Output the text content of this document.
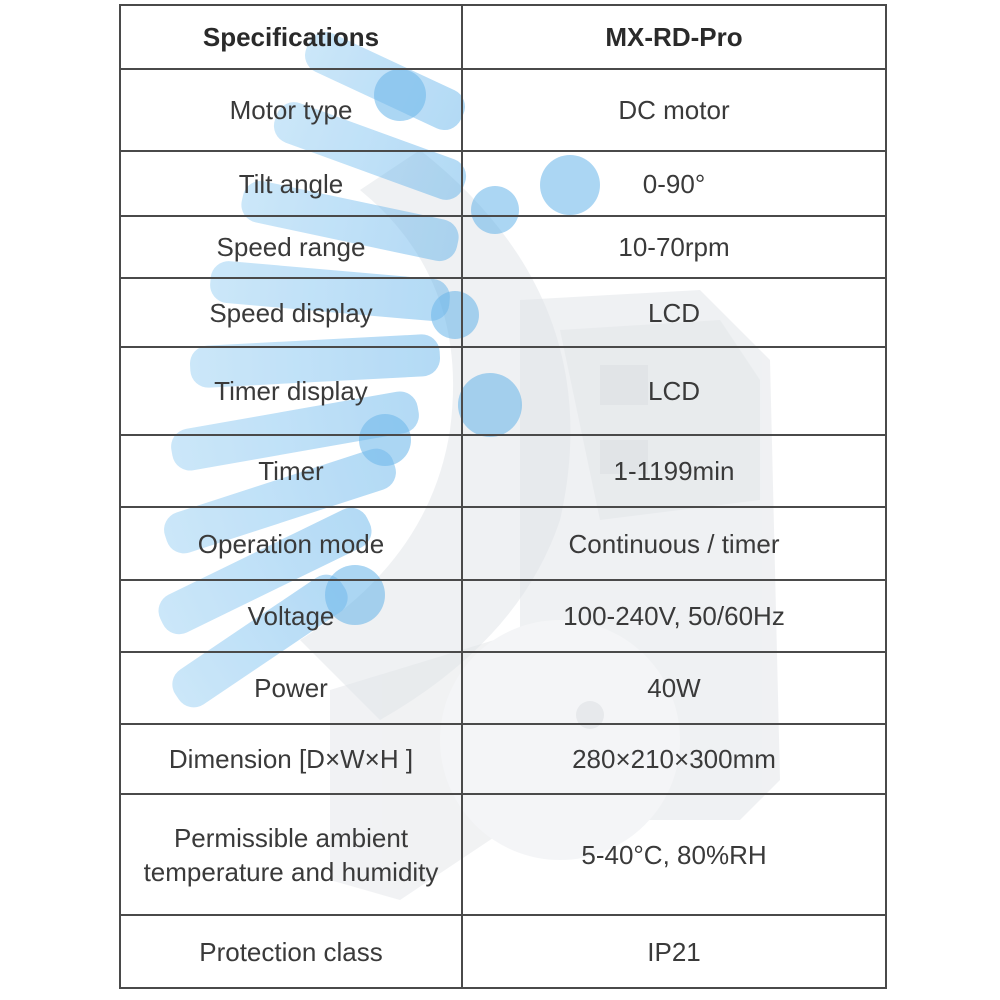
Specifications	MX-RD-Pro
Motor type	DC motor
Tilt angle	0-90°
Speed range	10-70rpm
Speed display	LCD
Timer display	LCD
Timer	1-1199min
Operation mode	Continuous / timer
Voltage	100-240V, 50/60Hz
Power	40W
Dimension [D×W×H ]	280×210×300mm
Permissible ambient temperature and humidity	5-40°C, 80%RH
Protection class	IP21
